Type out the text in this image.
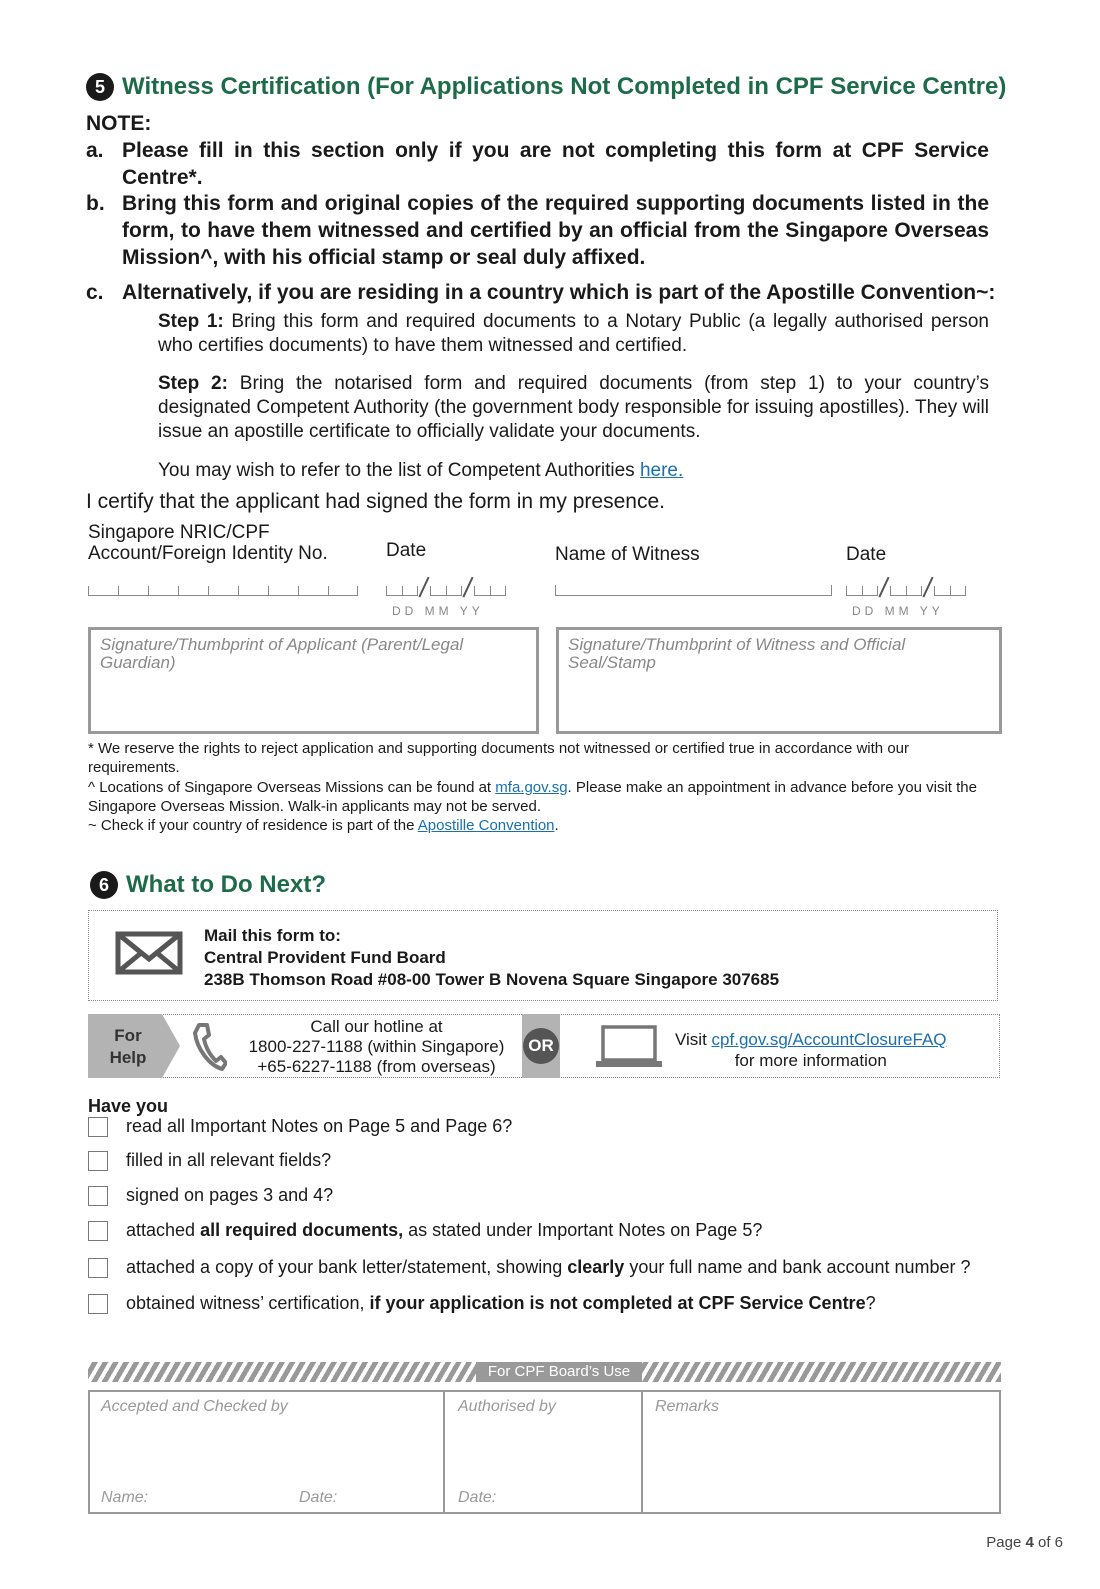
5 Witness Certification (For Applications Not Completed in CPF Service Centre)
NOTE:
a. Please fill in this section only if you are not completing this form at CPF Service Centre*.
b. Bring this form and original copies of the required supporting documents listed in the form, to have them witnessed and certified by an official from the Singapore Overseas Mission^, with his official stamp or seal duly affixed.
c. Alternatively, if you are residing in a country which is part of the Apostille Convention~:
Step 1: Bring this form and required documents to a Notary Public (a legally authorised person who certifies documents) to have them witnessed and certified.
Step 2: Bring the notarised form and required documents (from step 1) to your country’s designated Competent Authority (the government body responsible for issuing apostilles). They will issue an apostille certificate to officially validate your documents.
You may wish to refer to the list of Competent Authorities here.
I certify that the applicant had signed the form in my presence.
Singapore NRIC/CPF Account/Foreign Identity No.	Date	Name of Witness	Date
DD MM YY	DD MM YY
Signature/Thumbprint of Applicant (Parent/Legal Guardian)
Signature/Thumbprint of Witness and Official Seal/Stamp
* We reserve the rights to reject application and supporting documents not witnessed or certified true in accordance with our requirements.
^ Locations of Singapore Overseas Missions can be found at mfa.gov.sg. Please make an appointment in advance before you visit the Singapore Overseas Mission. Walk-in applicants may not be served.
~ Check if your country of residence is part of the Apostille Convention.
6 What to Do Next?
Mail this form to:
Central Provident Fund Board
238B Thomson Road #08-00 Tower B Novena Square Singapore 307685
For
Help
Call our hotline at
1800-227-1188 (within Singapore)
+65-6227-1188 (from overseas)
OR	Visit cpf.gov.sg/AccountClosureFAQ
for more information
Have you
read all Important Notes on Page 5 and Page 6?
filled in all relevant fields?
signed on pages 3 and 4?
attached all required documents, as stated under Important Notes on Page 5?
attached a copy of your bank letter/statement, showing clearly your full name and bank account number ?
obtained witness’ certification, if your application is not completed at CPF Service Centre?
For CPF Board’s Use
Accepted and Checked by
Name:	Date:
Authorised by
Date:
Remarks
Page 4 of 6
